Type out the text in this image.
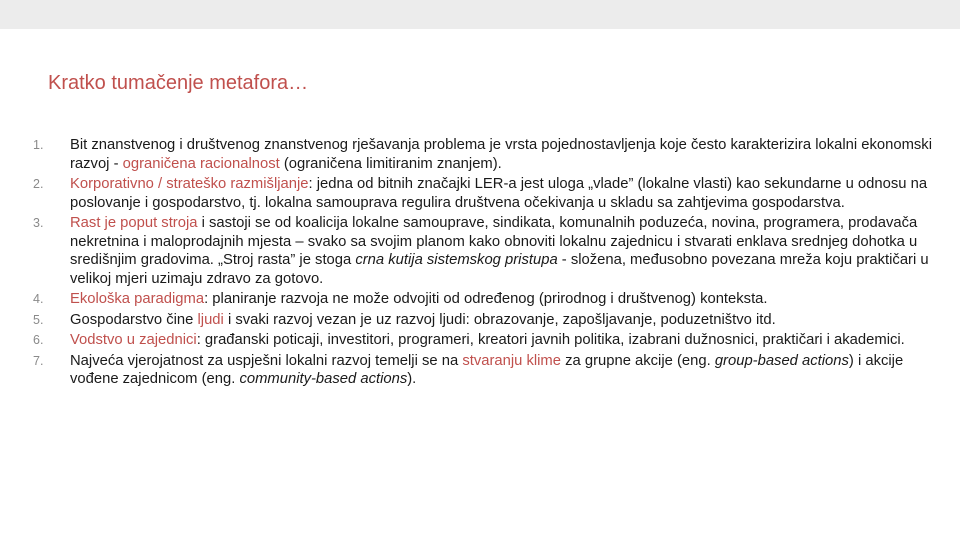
Kratko tumačenje metafora…
1. Bit znanstvenog i društvenog znanstvenog rješavanja problema je vrsta pojednostavljenja koje često karakterizira lokalni ekonomski razvoj - ograničena racionalnost (ograničena limitiranim znanjem).
2. Korporativno / strateško razmišljanje: jedna od bitnih značajki LER-a jest uloga „vlade” (lokalne vlasti) kao sekundarne u odnosu na poslovanje i gospodarstvo, tj. lokalna samouprava regulira društvena očekivanja u skladu sa zahtjevima gospodarstva.
3. Rast je poput stroja i sastoji se od koalicija lokalne samouprave, sindikata, komunalnih poduzeća, novina, programera, prodavača nekretnina i maloprodajnih mjesta – svako sa svojim planom kako obnoviti lokalnu zajednicu i stvarati enklava srednjeg dohotka u središnjim gradovima. „Stroj rasta” je stoga crna kutija sistemskog pristupa - složena, međusobno povezana mreža koju praktičari u velikoj mjeri uzimaju zdravo za gotovo.
4. Ekološka paradigma: planiranje razvoja ne može odvojiti od određenog (prirodnog i društvenog) konteksta.
5. Gospodarstvo čine ljudi i svaki razvoj vezan je uz razvoj ljudi: obrazovanje, zapošljavanje, poduzetništvo itd.
6. Vodstvo u zajednici: građanski poticaji, investitori, programeri, kreatori javnih politika, izabrani dužnosnici, praktičari i akademici.
7. Najveća vjerojatnost za uspješni lokalni razvoj temelji se na stvaranju klime za grupne akcije (eng. group-based actions) i akcije vođene zajednicom (eng. community-based actions).
